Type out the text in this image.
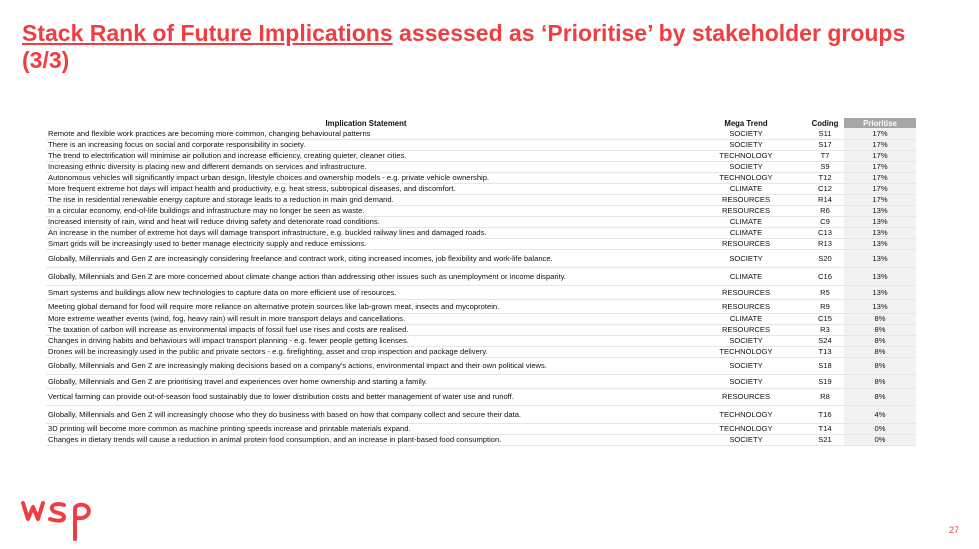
Stack Rank of Future Implications assessed as ‘Prioritise’ by stakeholder groups (3/3)
Implication Statement	Mega Trend	Coding	Prioritise
Remote and flexible work practices are becoming more common, changing behavioural patterns	SOCIETY	S11	17%
There is an increasing focus on social and corporate responsibility in society.	SOCIETY	S17	17%
The trend to electrification will minimise air pollution and increase efficiency, creating quieter, cleaner cities.	TECHNOLOGY	T7	17%
Increasing ethnic diversity is placing new and different demands on services and infrastructure.	SOCIETY	S9	17%
Autonomous vehicles will significantly impact urban design, lifestyle choices and ownership models - e.g. private vehicle ownership.	TECHNOLOGY	T12	17%
More frequent extreme hot days will impact health and productivity, e.g. heat stress, subtropical diseases, and discomfort.	CLIMATE	C12	17%
The rise in residential renewable energy capture and storage leads to a reduction in main grid demand.	RESOURCES	R14	17%
In a circular economy, end-of-life buildings and infrastructure may no longer be seen as waste.	RESOURCES	R6	13%
Increased intensity of rain, wind and heat will reduce driving safety and deteriorate road conditions.	CLIMATE	C9	13%
An increase in the number of extreme hot days will damage transport infrastructure, e.g. buckled railway lines and damaged roads.	CLIMATE	C13	13%
Smart grids will be increasingly used to better manage electricity supply and reduce emissions.	RESOURCES	R13	13%
Globally, Millennials and Gen Z are increasingly considering freelance and contract work, citing increased incomes, job flexibility and work-life balance.	SOCIETY	S20	13%
Globally, Millennials and Gen Z are more concerned about climate change action than addressing other issues such as unemployment or income disparity.	CLIMATE	C16	13%
Smart systems and buildings allow new technologies to capture data on more efficient use of resources.	RESOURCES	R5	13%
Meeting global demand for food will require more reliance on alternative protein sources like lab-grown meat, insects and mycoprotein.	RESOURCES	R9	13%
More extreme weather events (wind, fog, heavy rain) will result in more transport delays and cancellations.	CLIMATE	C15	8%
The taxation of carbon will increase as environmental impacts of fossil fuel use rises and costs are realised.	RESOURCES	R3	8%
Changes in driving habits and behaviours will impact transport planning - e.g. fewer people getting licenses.	SOCIETY	S24	8%
Drones will be increasingly used in the public and private sectors - e.g. firefighting, asset and crop inspection and package delivery.	TECHNOLOGY	T13	8%
Globally, Millennials and Gen Z are increasingly making decisions based on a company's actions, environmental impact and their own political views.	SOCIETY	S18	8%
Globally, Millennials and Gen Z are prioritising travel and experiences over home ownership and starting a family.	SOCIETY	S19	8%
Vertical farming can provide out-of-season food sustainably due to lower distribution costs and better management of water use and runoff.	RESOURCES	R8	8%
Globally, Millennials and Gen Z will increasingly choose who they do business with based on how that company collect and secure their data.	TECHNOLOGY	T16	4%
3D printing will become more common as machine printing speeds increase and printable materials expand.	TECHNOLOGY	T14	0%
Changes in dietary trends will cause a reduction in animal protein food consumption, and an increase in plant-based food consumption.	SOCIETY	S21	0%
27
